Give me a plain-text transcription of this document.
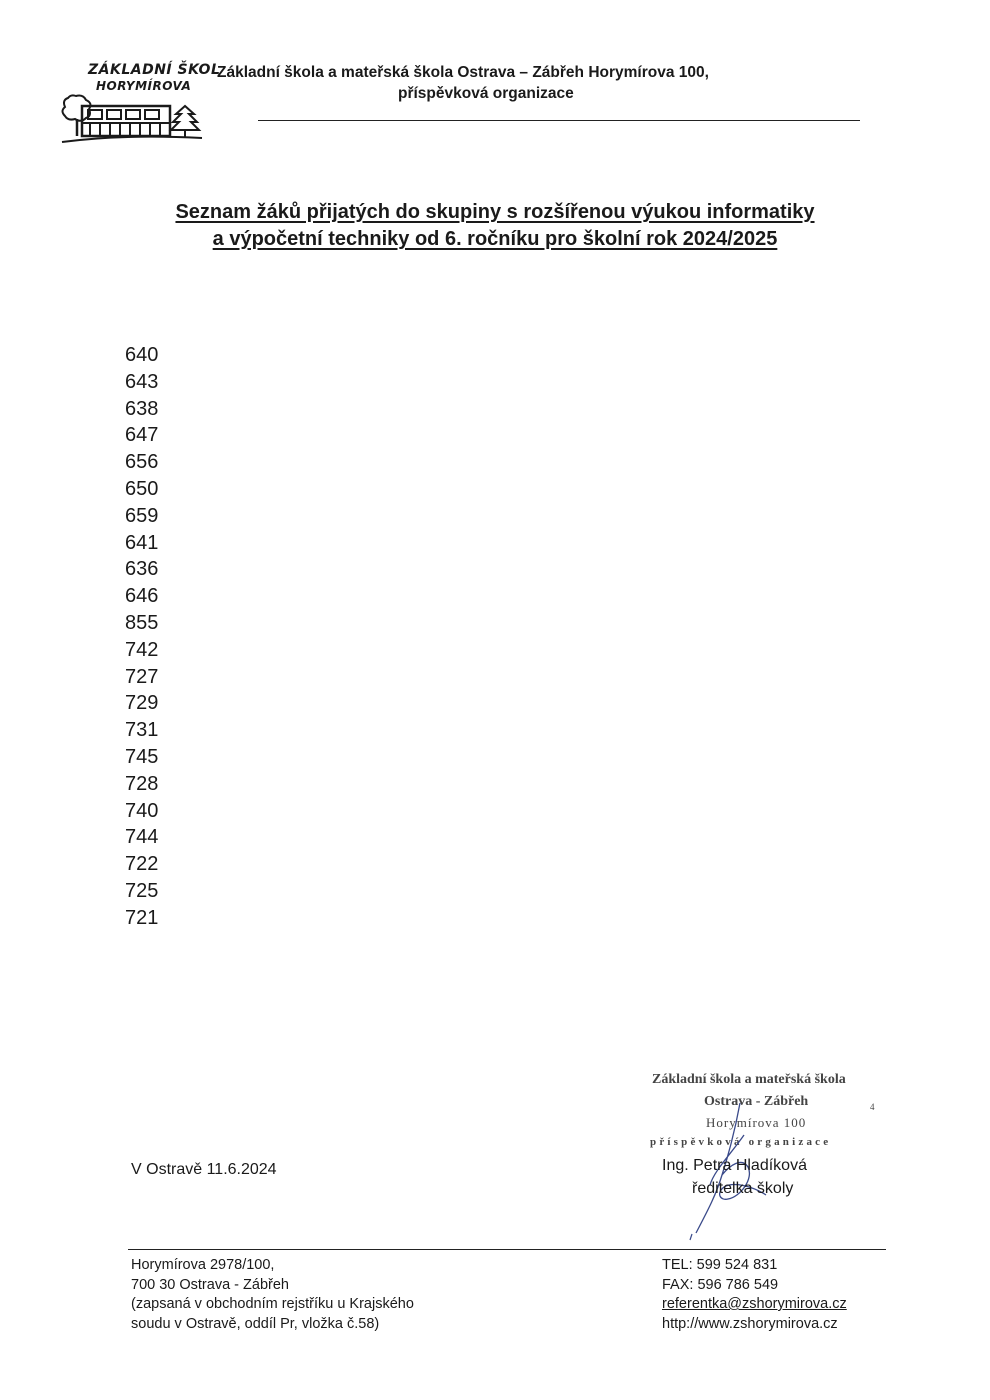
ZÁKLADNÍ ŠKOL
HORYMÍROVA
Základní škola a mateřská škola Ostrava – Zábřeh Horymírova 100,
příspěvková organizace
Seznam žáků přijatých do skupiny s rozšířenou výukou informatiky
a výpočetní techniky od 6. ročníku pro školní rok 2024/2025
640
643
638
647
656
650
659
641
636
646
855
742
727
729
731
745
728
740
744
722
725
721
V Ostravě 11.6.2024
Základní škola a mateřská škola
Ostrava - Zábřeh
Horymírova 100
příspěvková organizace
4
Ing. Petra Hladíková
ředitelka školy
Horymírova 2978/100,
700 30 Ostrava - Zábřeh
(zapsaná v obchodním rejstříku u Krajského
soudu v Ostravě, oddíl Pr, vložka č.58)
TEL: 599 524 831
FAX: 596 786 549
referentka@zshorymirova.cz
http://www.zshorymirova.cz
